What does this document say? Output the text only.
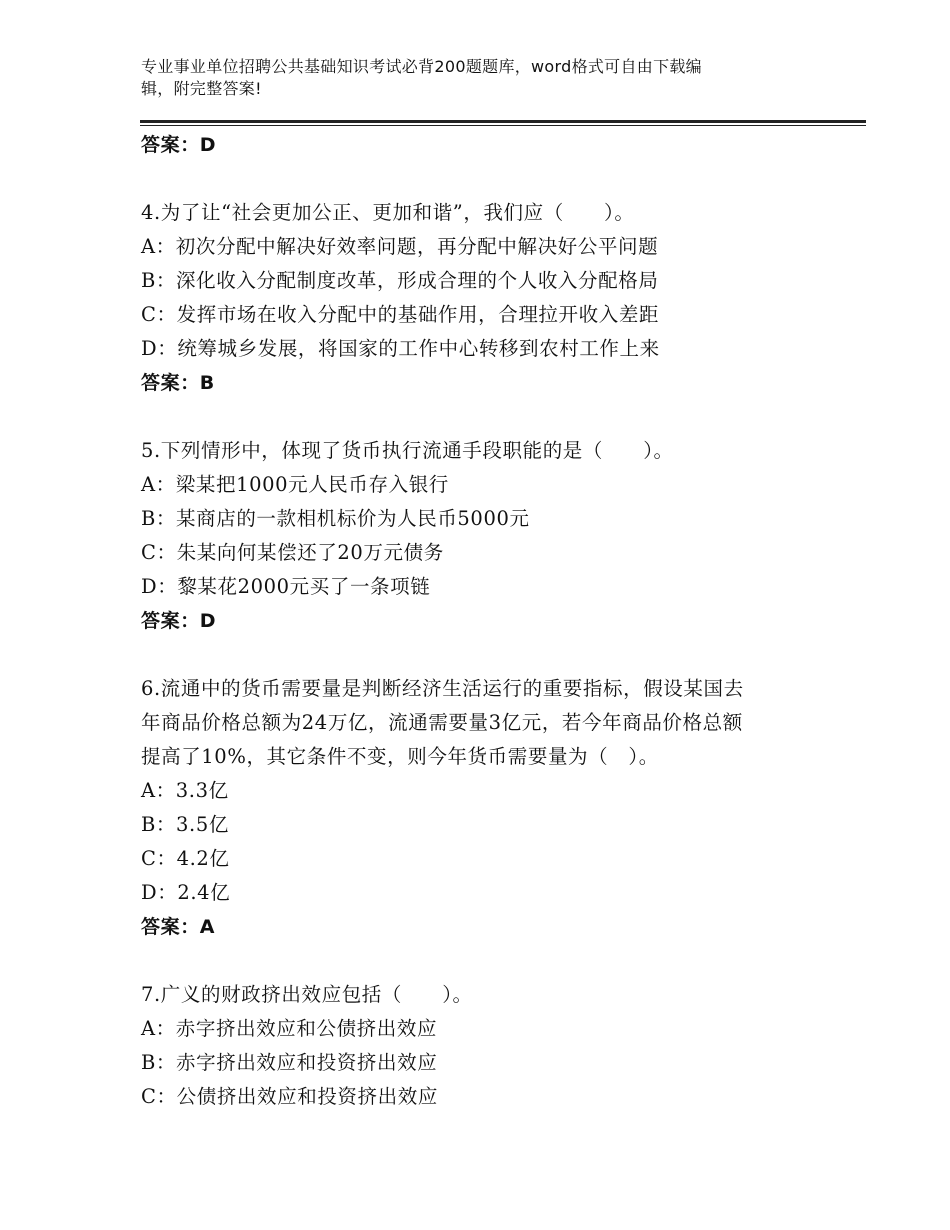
专业事业单位招聘公共基础知识考试必背200题题库，word格式可自由下载编
辑，附完整答案!
答案：D
4.为了让“社会更加公正、更加和谐”，我们应（　　）。
A：初次分配中解决好效率问题，再分配中解决好公平问题
B：深化收入分配制度改革，形成合理的个人收入分配格局
C：发挥市场在收入分配中的基础作用，合理拉开收入差距
D：统筹城乡发展，将国家的工作中心转移到农村工作上来
答案：B
5.下列情形中，体现了货币执行流通手段职能的是（　　）。
A：梁某把1000元人民币存入银行
B：某商店的一款相机标价为人民币5000元
C：朱某向何某偿还了20万元债务
D：黎某花2000元买了一条项链
答案：D
6.流通中的货币需要量是判断经济生活运行的重要指标，假设某国去
年商品价格总额为24万亿，流通需要量3亿元，若今年商品价格总额
提高了10%，其它条件不变，则今年货币需要量为（　）。
A：3.3亿
B：3.5亿
C：4.2亿
D：2.4亿
答案：A
7.广义的财政挤出效应包括（　　）。
A：赤字挤出效应和公债挤出效应
B：赤字挤出效应和投资挤出效应
C：公债挤出效应和投资挤出效应
